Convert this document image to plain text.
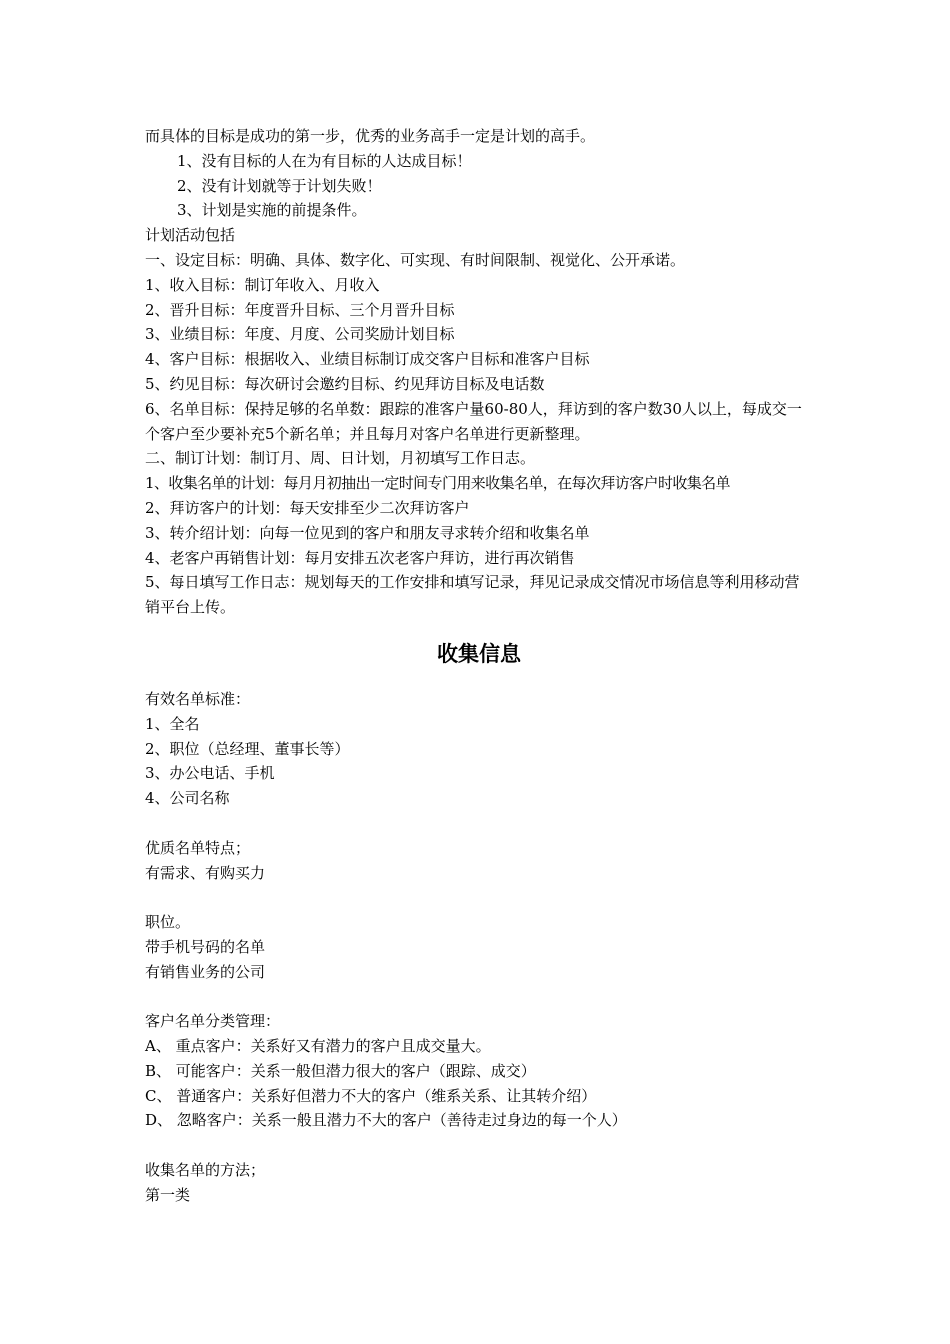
而具体的目标是成功的第一步，优秀的业务高手一定是计划的高手。

1、没有目标的人在为有目标的人达成目标！

2、没有计划就等于计划失败！

3、计划是实施的前提条件。

计划活动包括

一、设定目标：明确、具体、数字化、可实现、有时间限制、视觉化、公开承诺。

1、收入目标：制订年收入、月收入

2、晋升目标：年度晋升目标、三个月晋升目标

3、业绩目标：年度、月度、公司奖励计划目标

4、客户目标：根据收入、业绩目标制订成交客户目标和准客户目标

5、约见目标：每次研讨会邀约目标、约见拜访目标及电话数

6、名单目标：保持足够的名单数：跟踪的准客户量60-80人，拜访到的客户数30人以上，每成交一个客户至少要补充5个新名单；并且每月对客户名单进行更新整理。

二、制订计划：制订月、周、日计划，月初填写工作日志。

1、收集名单的计划：每月月初抽出一定时间专门用来收集名单，在每次拜访客户时收集名单

2、拜访客户的计划：每天安排至少二次拜访客户

3、转介绍计划：向每一位见到的客户和朋友寻求转介绍和收集名单

4、老客户再销售计划：每月安排五次老客户拜访，进行再次销售

5、每日填写工作日志：规划每天的工作安排和填写记录，拜见记录成交情况市场信息等利用移动营销平台上传。

收集信息

有效名单标准：

1、全名

2、职位（总经理、董事长等）

3、办公电话、手机

4、公司名称

优质名单特点；

有需求、有购买力

职位。

带手机号码的名单

有销售业务的公司

客户名单分类管理：

A、 重点客户：关系好又有潜力的客户且成交量大。

B、 可能客户：关系一般但潜力很大的客户（跟踪、成交）

C、 普通客户：关系好但潜力不大的客户（维系关系、让其转介绍）

D、 忽略客户：关系一般且潜力不大的客户（善待走过身边的每一个人）

收集名单的方法；

第一类
